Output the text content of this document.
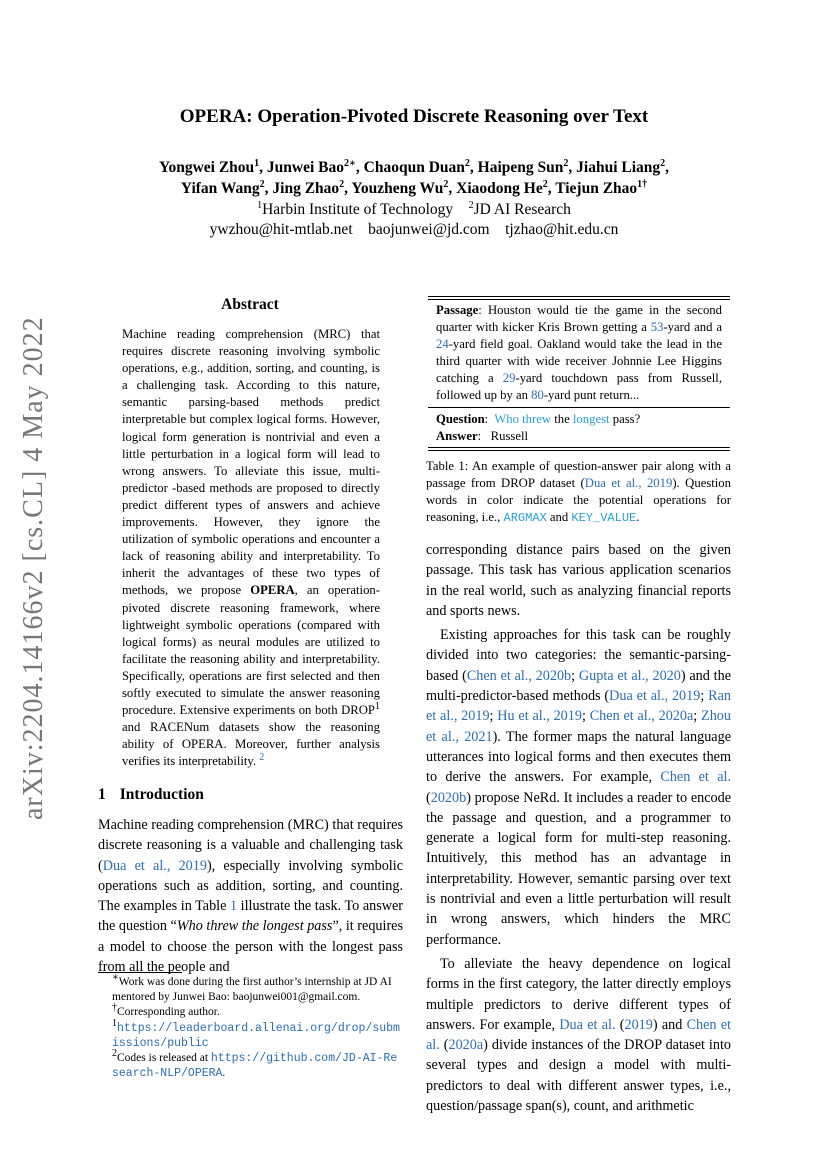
arXiv:2204.14166v2 [cs.CL] 4 May 2022
OPERA: Operation-Pivoted Discrete Reasoning over Text
Yongwei Zhou$^1$, Junwei Bao$^{2∗}$, Chaoqun Duan$^2$, Haipeng Sun$^2$, Jiahui Liang$^2$,
Yifan Wang$^2$, Jing Zhao$^2$, Youzheng Wu$^2$, Xiaodong He$^2$, Tiejun Zhao$^{1\dagger}$
$^1$Harbin Institute of Technology $^2$JD AI Research
ywzhou@hit-mtlab.net    baojunwei@jd.com    tjzhao@hit.edu.cn
Abstract
Machine reading comprehension (MRC) that requires discrete reasoning involving symbolic operations, e.g., addition, sorting, and counting, is a challenging task. According to this nature, semantic parsing-based methods predict interpretable but complex logical forms. However, logical form generation is nontrivial and even a little perturbation in a logical form will lead to wrong answers. To alleviate this issue, multi-predictor -based methods are proposed to directly predict different types of answers and achieve improvements. However, they ignore the utilization of symbolic operations and encounter a lack of reasoning ability and interpretability. To inherit the advantages of these two types of methods, we propose OPERA, an operation-pivoted discrete reasoning framework, where lightweight symbolic operations (compared with logical forms) as neural modules are utilized to facilitate the reasoning ability and interpretability. Specifically, operations are first selected and then softly executed to simulate the answer reasoning procedure. Extensive experiments on both DROP$^1$ and RACENum datasets show the reasoning ability of OPERA. Moreover, further analysis verifies its interpretability. $^2$
1 Introduction
Machine reading comprehension (MRC) that requires discrete reasoning is a valuable and challenging task (Dua et al., 2019), especially involving symbolic operations such as addition, sorting, and counting. The examples in Table 1 illustrate the task. To answer the question “Who threw the longest pass”, it requires a model to choose the person with the longest pass from all the people and

∗Work was done during the first author’s internship at JD AI mentored by Junwei Bao: baojunwei001@gmail.com.

†Corresponding author.

$^1$https://leaderboard.allenai.org/drop/submissions/public

$^2$Codes is released at https://github.com/JD-AI-Research-NLP/OPERA.

Passage: Houston would tie the game in the second quarter with kicker Kris Brown getting a 53-yard and a 24-yard field goal. Oakland would take the lead in the third quarter with wide receiver Johnnie Lee Higgins catching a 29-yard touchdown pass from Russell, followed up by an 80-yard punt return...
Question:  Who threw the longest pass?
Answer:   Russell
Table 1: An example of question-answer pair along with a passage from DROP dataset (Dua et al., 2019). Question words in color indicate the potential operations for reasoning, i.e., ARGMAX and KEY_VALUE.

corresponding distance pairs based on the given passage. This task has various application scenarios in the real world, such as analyzing financial reports and sports news.

Existing approaches for this task can be roughly divided into two categories: the semantic-parsing-based (Chen et al., 2020b; Gupta et al., 2020) and the multi-predictor-based methods (Dua et al., 2019; Ran et al., 2019; Hu et al., 2019; Chen et al., 2020a; Zhou et al., 2021). The former maps the natural language utterances into logical forms and then executes them to derive the answers. For example, Chen et al. (2020b) propose NeRd. It includes a reader to encode the passage and question, and a programmer to generate a logical form for multi-step reasoning. Intuitively, this method has an advantage in interpretability. However, semantic parsing over text is nontrivial and even a little perturbation will result in wrong answers, which hinders the MRC performance.

To alleviate the heavy dependence on logical forms in the first category, the latter directly employs multiple predictors to derive different types of answers. For example, Dua et al. (2019) and Chen et al. (2020a) divide instances of the DROP dataset into several types and design a model with multi-predictors to deal with different answer types, i.e., question/passage span(s), count, and arithmetic
